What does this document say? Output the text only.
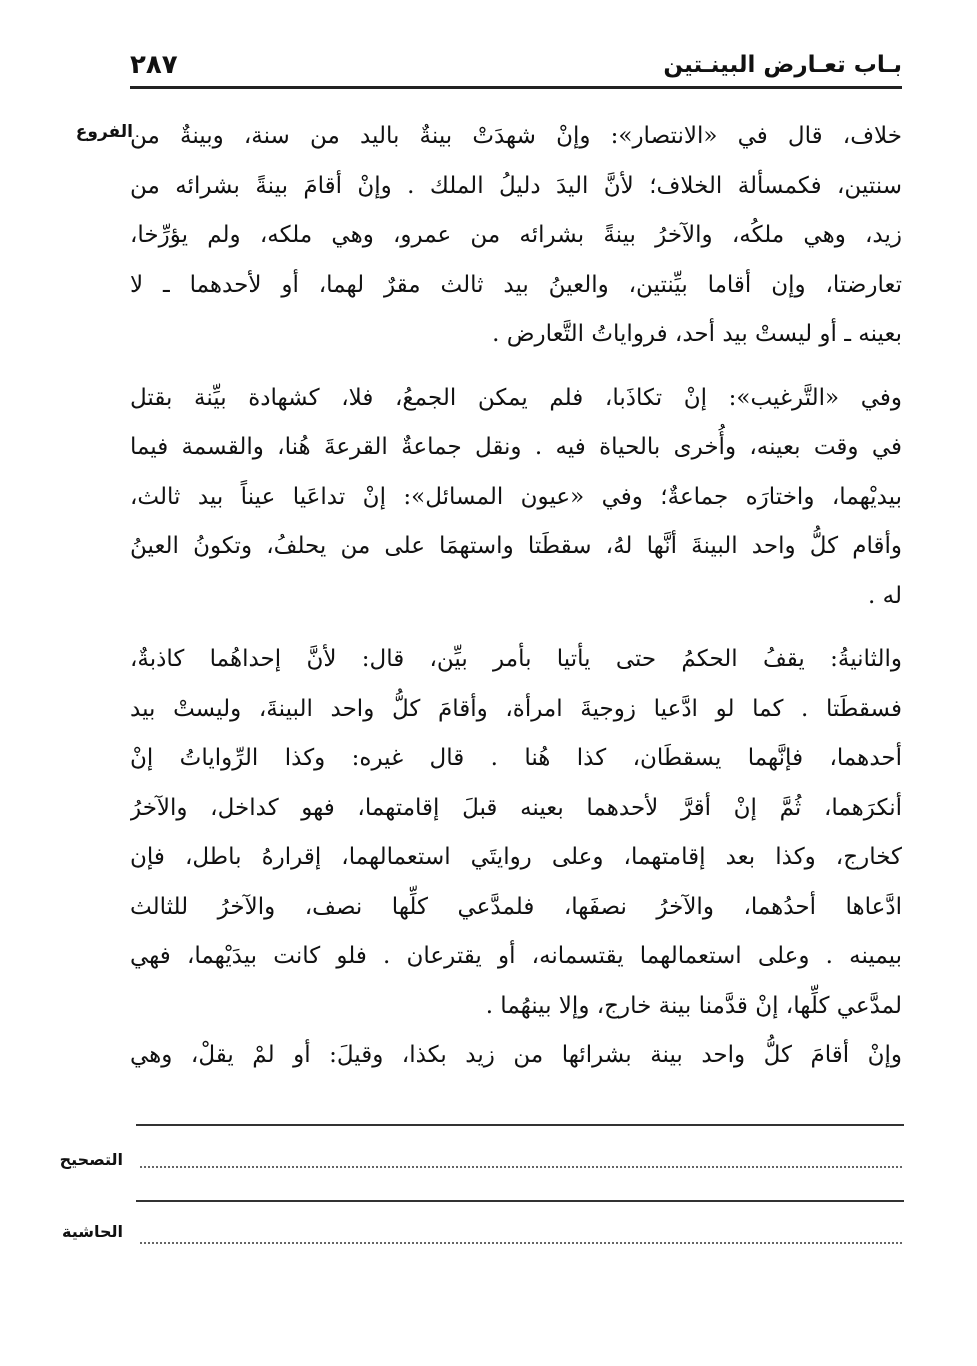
بـاب تعـارض البينـتين
٢٨٧
الفروع
خلاف، قال في «الانتصار»: وإنْ شهدَتْ بينةٌ باليد من سنة، وبينةٌ من
سنتين، فكمسألة الخلاف؛ لأنَّ اليدَ دليلُ الملك . وإنْ أقامَ بينةً بشرائه من
زيد، وهي ملكُه، والآخرُ بينةً بشرائه من عمرو، وهي ملكه، ولم يؤرِّخا،
تعارضتا، وإن أقاما بيِّنتين، والعينُ بيد ثالث مقرٌ لهما، أو لأحدهما ـ لا
بعينه ـ أو ليستْ بيد أحد، فرواياتُ التَّعارض .
وفي «التَّرغيب»: إنْ تكاذَبا، فلم يمكن الجمعُ، فلا، كشهادة بيِّنة بقتل
في وقت بعينه، وأُخرى بالحياة فيه . ونقل جماعةٌ القرعةَ هُنا، والقسمة فيما
بيديْهما، واختارَه جماعةٌ؛ وفي «عيون المسائل»: إنْ تداعَيا عيناً بيد ثالث،
وأقام كلُّ واحد البينةَ أنَّها لهُ، سقطَتا واستهمَا على من يحلفُ، وتكونُ العينُ
له .
والثانيةُ: يقفُ الحكمُ حتى يأتيا بأمر بيِّن، قال: لأنَّ إحداهُما كاذبةٌ،
فسقطَتا . كما لو ادَّعيا زوجيةَ امرأة، وأقامَ كلُّ واحد البينةَ، وليستْ بيد
أحدهما، فإنَّهما يسقطَان، كذا هُنا . قال غيره: وكذا الرِّواياتُ إنْ
أنكرَهما، ثُمَّ إنْ أقرَّ لأحدهما بعينه قبلَ إقامتهما، فهو كداخل، والآخرُ
كخارج، وكذا بعد إقامتهما، وعلى روايتَي استعمالهما، إقرارهُ باطل، فإن
ادَّعاها أحدُهما، والآخرُ نصفَها، فلمدَّعي كلِّها نصف، والآخرُ للثالث
بيمينه . وعلى استعمالهما يقتسمانه، أو يقترعان . فلو كانت بيدَيْهما، فهي
لمدَّعي كلِّها، إنْ قدَّمنا بينة خارج، وإلا بينهُما .
وإنْ أقامَ كلُّ واحد بينة بشرائها من زيد بكذا، وقيلَ: أو لمْ يقلْ، وهي
التصحيح
الحاشية
